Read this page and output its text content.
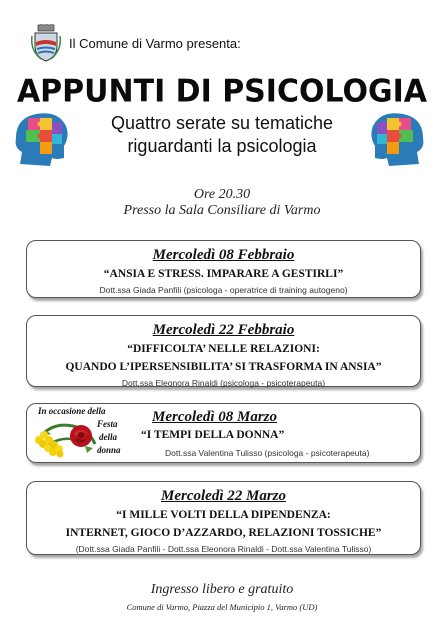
Il Comune di Varmo presenta:
APPUNTI DI PSICOLOGIA
Quattro serate su tematiche
riguardanti la psicologia
Ore 20.30
Presso la Sala Consiliare di Varmo
Mercoledì 08 Febbraio
“ANSIA E STRESS. IMPARARE A GESTIRLI”
Dott.ssa Giada Panfili (psicologa - operatrice di training autogeno)
Mercoledì 22 Febbraio
“DIFFICOLTA’ NELLE RELAZIONI:
QUANDO L’IPERSENSIBILITA’ SI TRASFORMA IN ANSIA”
Dott.ssa Eleonora Rinaldi (psicologa - psicoterapeuta)
In occasione della
Festa
della
donna
Mercoledì 08 Marzo
“I TEMPI DELLA DONNA”
Dott.ssa Valentina Tulisso (psicologa - psicoterapeuta)
Mercoledì 22 Marzo
“I MILLE VOLTI DELLA DIPENDENZA:
INTERNET, GIOCO D’AZZARDO, RELAZIONI TOSSICHE”
(Dott.ssa Giada Panfili - Dott.ssa Eleonora Rinaldi - Dott.ssa Valentina Tulisso)
Ingresso libero e gratuito
Comune di Varmo, Piazza del Municipio 1, Varmo (UD)
